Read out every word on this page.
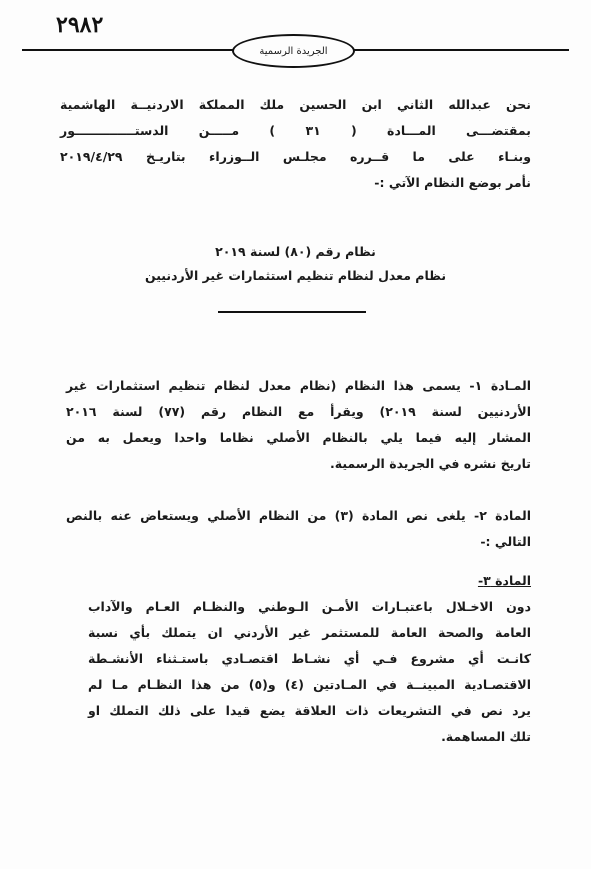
٢٩٨٢
الجريدة الرسمية
نحن عبدالله الثاني ابن الحسين ملك المملكة الاردنيــة الهاشمية
بمقتضـــى المـــادة ( ٣١ ) مـــــن الدستــــــــــــــور
وبنـاء على ما قــرره مجلـس الــوزراء بتاريـخ ٢٠١٩/٤/٢٩
نأمر بوضع النظام الآتي :-
نظام رقم (٨٠) لسنة ٢٠١٩
نظام معدل لنظام تنظيم استثمارات غير الأردنيين
المـادة ١- يسمى هذا النظام (نظام معدل لنظام تنظيم استثمارات غير
الأردنيين لسنة ٢٠١٩) ويقرأ مع النظام رقم (٧٧) لسنة ٢٠١٦
المشار إليه فيما يلي بالنظام الأصلي نظاما واحدا ويعمل به من
تاريخ نشره في الجريدة الرسمية.
المادة ٢- يلغى نص المادة (٣) من النظام الأصلي ويستعاض عنه بالنص
التالي :-
المادة ٣-
دون الاخـلال باعتبـارات الأمـن الـوطني والنظـام العـام والآداب
العامة والصحة العامة للمستثمر غير الأردني ان يتملك بأي نسبة
كانـت أي مشروع فـي أي نشـاط اقتصـادي باستـثناء الأنشـطة
الاقتصـادية المبينــة في المـادتين (٤) و(٥) من هذا النظـام مـا لم
يرد نص في التشريعات ذات العلاقة يضع قيدا على ذلك التملك او
تلك المساهمة.
